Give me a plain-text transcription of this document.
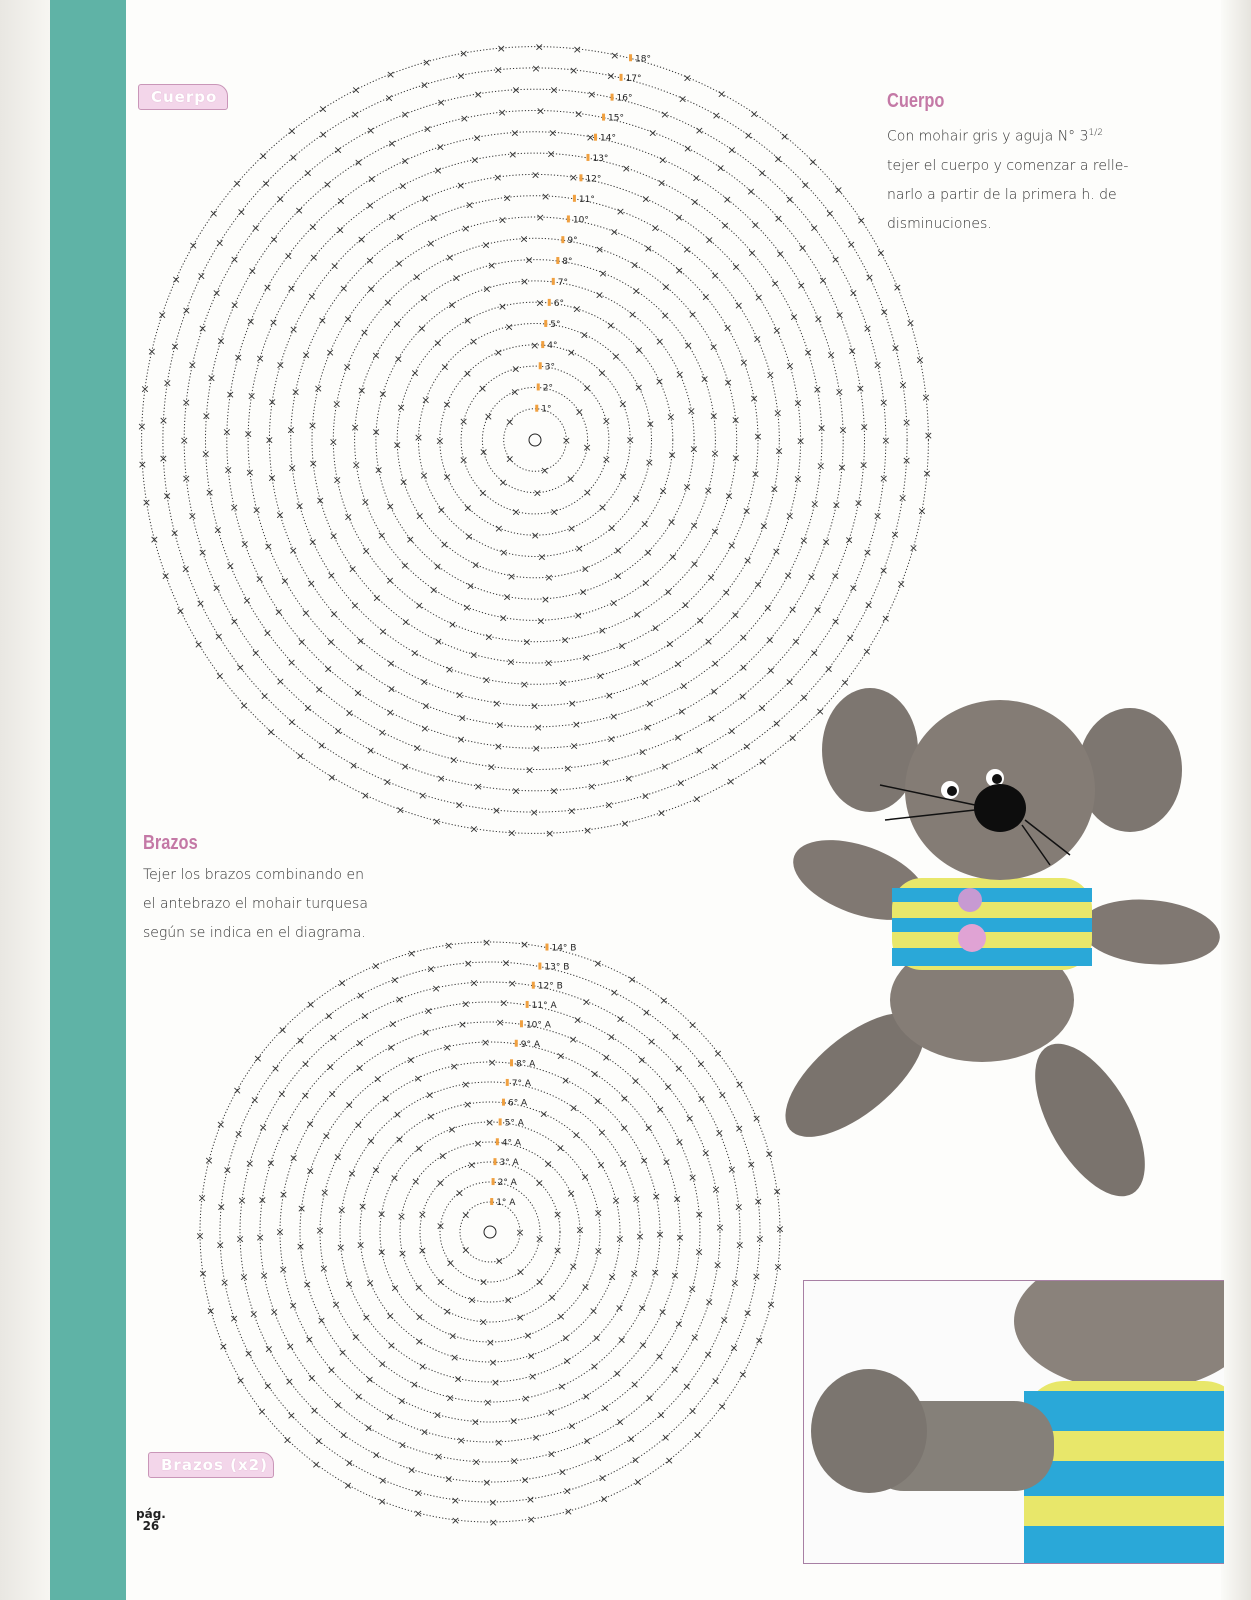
1°
2°
3°
4°
5°
6°
7°
8°
9°
10°
11°
12°
13°
14°
15°
16°
17°
18°
×
×
×
×
×
×
×
×
×
×
×
×
×
×
×
×
×
×
×
×
×
×
×
×
×
×
×
×
×
×
×
×
×
×
×
×
×
×
×
×
×
×
×
×
×
×
×
×
×
×
×
×
×
×
×
×
×
×
×
×
×
×
×
×
×
×
×
×
×
×
×
×	×	×
×
×
×
×
×
×
×
×
×
×
×
×
×
×
×
×
×
×
×
×
×
×
×
×
×
×
×
×
×
×
×
×
×
×
×
×
×
×
×
×
×
×
×
×
×
×
×
×
×	×
×
×
×
×
×
×
×
×
×
×
×
×
×
×
×
×
×
×
×
×
×
×
×
×
×
×
×
×
×	×
×
×
×
×
×
×
×
×
×
×
×
×
×
×
×
×
×
×
×
×
×
×
×
×
×
×
×
×
×
×
×
×
×	×
×
×
×
×
×
×
×
×
×
×
×
×
×
×
×
×
×
×
×
×
×
×
×
×
×
×
×
×
×
×
×
×
×
×
×
×	×
×
×
×
×
×
×
×
×
×
×
×
×
×
×
×
×
×
×
×
×
×
×
×
×
×
×
×
×
×
×
×
×
×
×
×
×
×
×
×	×	×
×
×
×
×
×
×
×
×
×
×
×
×
×
×
×
×
×
×
×
×
×
×
×
×
×
×
×
×
×
×
×
×
×
×
×
×
×
×
×
×
×	×	×
×
×
×
×
×
×
×
×
×
×
×
×
×
×
×
×
×
×
×
×
×
×
×
×
×
×
×
×
×
×
×
×
×
×
×
×
×
×
×
×
×
×
×
×
×	×	×	×
×
×
×
×
×
×
×
×
×
×
×
×
×
×
×
×
×
×
×
×
×
×
×
×
×
×
×
×
×
×
×
×
×
×
×
×
×
×
×
×
×
×
×
×
×
×
×	×	×	×
×
×
×
×
×
×
×
×
×
×
×
×
×
×
×
×
×
×
×
×
×
×
×
×
×
×
×
×
×
×
×
×
×
×
×
×
×
×
×
×
×
×
×
×
×
×
×
×
×
×
×	×	×	×
×
×
×
×
×
×
×
×
×
×
×
×
×
×
×
×
×
×
×
×
×
×
×
×
×
×
×
×
×
×
×
×
×
×
×
×
×
×
×
×
×
×
×
×
×
×
×
×
×
×
×
×
×
×	×	×	×	×
×
×
×
×
×
×
×
×
×
×
×
×
×
×
×
×
×
×
×
×
×
×
×
×
×
×
×
×
×
×
×
×
×
×
×
×
×
×
×
×
×
×
×
×
×
×
×
×
×
×
×
×
×
×
×
×
×	×	×	×	×
×
×
×
×
×
×
×
×
×
×
×
×
×
×
×
×
×
×
×
×
×
×
×
×
×
×
×
×
×
×
×
×
×
×
×
1° A
2° A
3° A
4° A
5° A
6° A
7° A
8° A
9° A
10° A
11° A
12° B
13° B
14° B
×
×
×
×
×
×
×
×
×
×
×
×
×
×
×
×
×
×
×
×
×
×
×
×
×
×
×
×
×
×
×
×
×
×
×
×
×
×
×
×
×
×
×
×
×
×
×
×
×
×
×
×
×
×
×
×
×
×
×
×
×
×
×
×
×
×
×
×
×
×
×
×
×
×
×
×
×
×
×
×
×
×
×
×
×
×
×
×
×
×
×
×
×
×
×
×
×
×
×
×
×
×
×
×
×
×
×
×
×
×
×
×	×
×
×
×
×
×
×
×
×
×
×
×
×
×
×
×
×
×
×
×
×
×
×
×
×
×
×
×	×
×
×
×
×
×
×
×
×
×
×
×
×
×
×
×
×
×
×
×
×
×
×
×
×
×
×
×
×
×
×
×	×
×
×
×
×
×
×
×
×
×
×
×
×
×
×
×
×
×
×
×
×
×
×
×
×
×
×
×
×
×
×
×
×
×
×	×
×
×
×
×
×
×
×
×
×
×
×
×
×
×
×
×
×
×
×
×
×
×
×
×
×
×
×
×
×
×
×
×
×
×
×
×	×	×
×
×
×
×
×
×
×
×
×
×
×
×
×
×
×
×
×
×
×
×
×
×
×
×
×
×
×
×
×
×
×
×
×
×
×
×
×
×
×	×	×
×
×
×
×
×
×
×
×
×
×
×
×
×
×
×
×
×
×
×
×
×
×
×
×
×
×
×
×
×
×
×
×
×
×
×
×
×
×
×
×
×
×	×	×
×
×
×
×
×
×
×
×
×
×
×
×
×
×
×
×
×
×
×
×
×
×
Cuerpo
Brazos (x2)
Cuerpo
Con mohair gris y aguja N° $3^{1/2}$
tejer el cuerpo y comenzar a relle-
narlo a partir de la primera h. de
disminuciones.
Brazos
Tejer los brazos combinando en
el antebrazo el mohair turquesa
según se indica en el diagrama.
pág.
26
